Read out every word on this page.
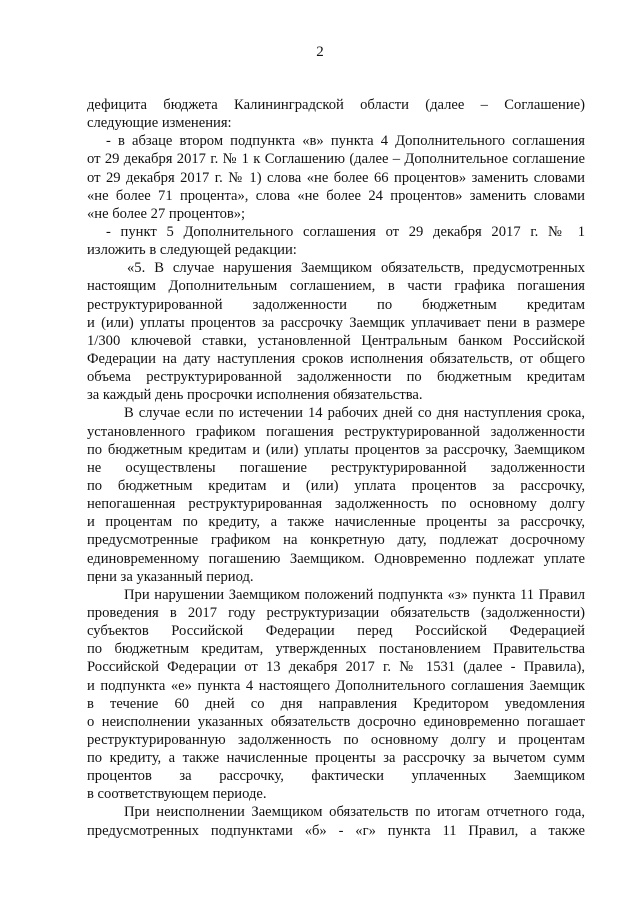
2
дефицита бюджета Калининградской области (далее – Соглашение)
следующие изменения:
- в абзаце втором подпункта «в» пункта 4 Дополнительного соглашения
от 29 декабря 2017 г. № 1 к Соглашению (далее – Дополнительное соглашение
от 29 декабря 2017 г. № 1) слова «не более 66 процентов» заменить словами
«не более 71 процента», слова «не более 24 процентов» заменить словами
«не более 27 процентов»;
- пункт 5 Дополнительного соглашения от 29 декабря 2017 г. № 1
изложить в следующей редакции:
«5. В случае нарушения Заемщиком обязательств, предусмотренных
настоящим Дополнительным соглашением, в части графика погашения
реструктурированной задолженности по бюджетным кредитам
и (или) уплаты процентов за рассрочку Заемщик уплачивает пени в размере
1/300 ключевой ставки, установленной Центральным банком Российской
Федерации на дату наступления сроков исполнения обязательств, от общего
объема реструктурированной задолженности по бюджетным кредитам
за каждый день просрочки исполнения обязательства.
В случае если по истечении 14 рабочих дней со дня наступления срока,
установленного графиком погашения реструктурированной задолженности
по бюджетным кредитам и (или) уплаты процентов за рассрочку, Заемщиком
не осуществлены погашение реструктурированной задолженности
по бюджетным кредитам и (или) уплата процентов за рассрочку,
непогашенная реструктурированная задолженность по основному долгу
и процентам по кредиту, а также начисленные проценты за рассрочку,
предусмотренные графиком на конкретную дату, подлежат досрочному
единовременному погашению Заемщиком. Одновременно подлежат уплате
пени за указанный период.
При нарушении Заемщиком положений подпункта «з» пункта 11 Правил
проведения в 2017 году реструктуризации обязательств (задолженности)
субъектов Российской Федерации перед Российской Федерацией
по бюджетным кредитам, утвержденных постановлением Правительства
Российской Федерации от 13 декабря 2017 г. № 1531 (далее - Правила),
и подпункта «е» пункта 4 настоящего Дополнительного соглашения Заемщик
в течение 60 дней со дня направления Кредитором уведомления
о неисполнении указанных обязательств досрочно единовременно погашает
реструктурированную задолженность по основному долгу и процентам
по кредиту, а также начисленные проценты за рассрочку за вычетом сумм
процентов за рассрочку, фактически уплаченных Заемщиком
в соответствующем периоде.
При неисполнении Заемщиком обязательств по итогам отчетного года,
предусмотренных подпунктами «б» - «г» пункта 11 Правил, а также
